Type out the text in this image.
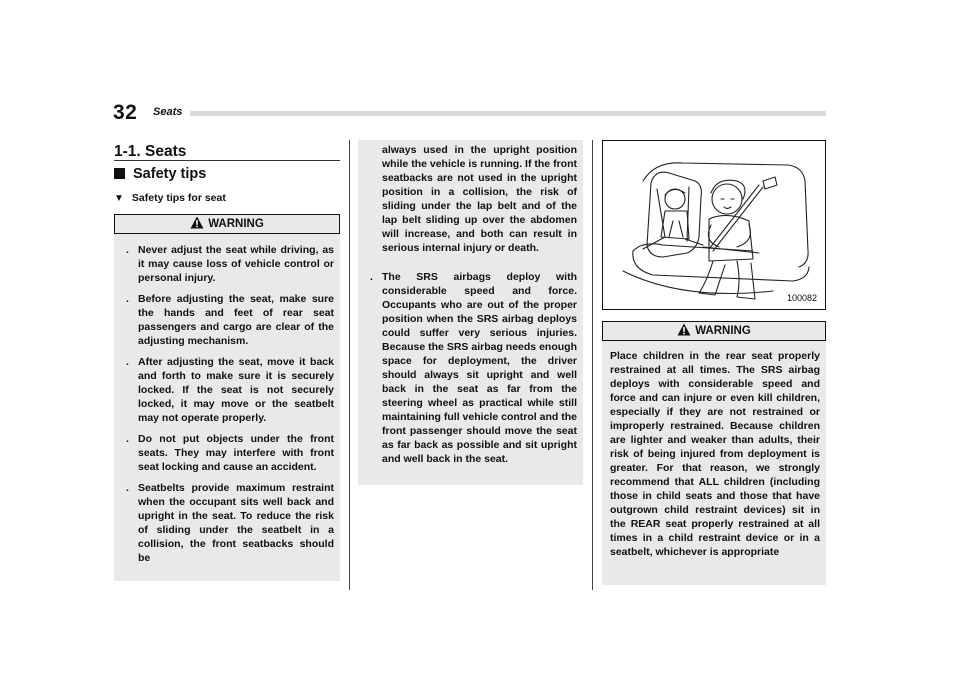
32 Seats
1-1. Seats
Safety tips
▼ Safety tips for seat
WARNING
. Never adjust the seat while driving, as it may cause loss of vehicle control or personal injury.
. Before adjusting the seat, make sure the hands and feet of rear seat passengers and cargo are clear of the adjusting mechanism.
. After adjusting the seat, move it back and forth to make sure it is securely locked. If the seat is not securely locked, it may move or the seatbelt may not operate properly.
. Do not put objects under the front seats. They may interfere with front seat locking and cause an accident.
. Seatbelts provide maximum restraint when the occupant sits well back and upright in the seat. To reduce the risk of sliding under the seatbelt in a collision, the front seatbacks should be
always used in the upright position while the vehicle is running. If the front seatbacks are not used in the upright position in a collision, the risk of sliding under the lap belt and of the lap belt sliding up over the abdomen will increase, and both can result in serious internal injury or death.
. The SRS airbags deploy with considerable speed and force. Occupants who are out of the proper position when the SRS airbag deploys could suffer very serious injuries. Because the SRS airbag needs enough space for deployment, the driver should always sit upright and well back in the seat as far from the steering wheel as practical while still maintaining full vehicle control and the front passenger should move the seat as far back as possible and sit upright and well back in the seat.
100082
WARNING
Place children in the rear seat properly restrained at all times. The SRS airbag deploys with considerable speed and force and can injure or even kill children, especially if they are not restrained or improperly restrained. Because children are lighter and weaker than adults, their risk of being injured from deployment is greater. For that reason, we strongly recommend that ALL children (including those in child seats and those that have outgrown child restraint devices) sit in the REAR seat properly restrained at all times in a child restraint device or in a seatbelt, whichever is appropriate
